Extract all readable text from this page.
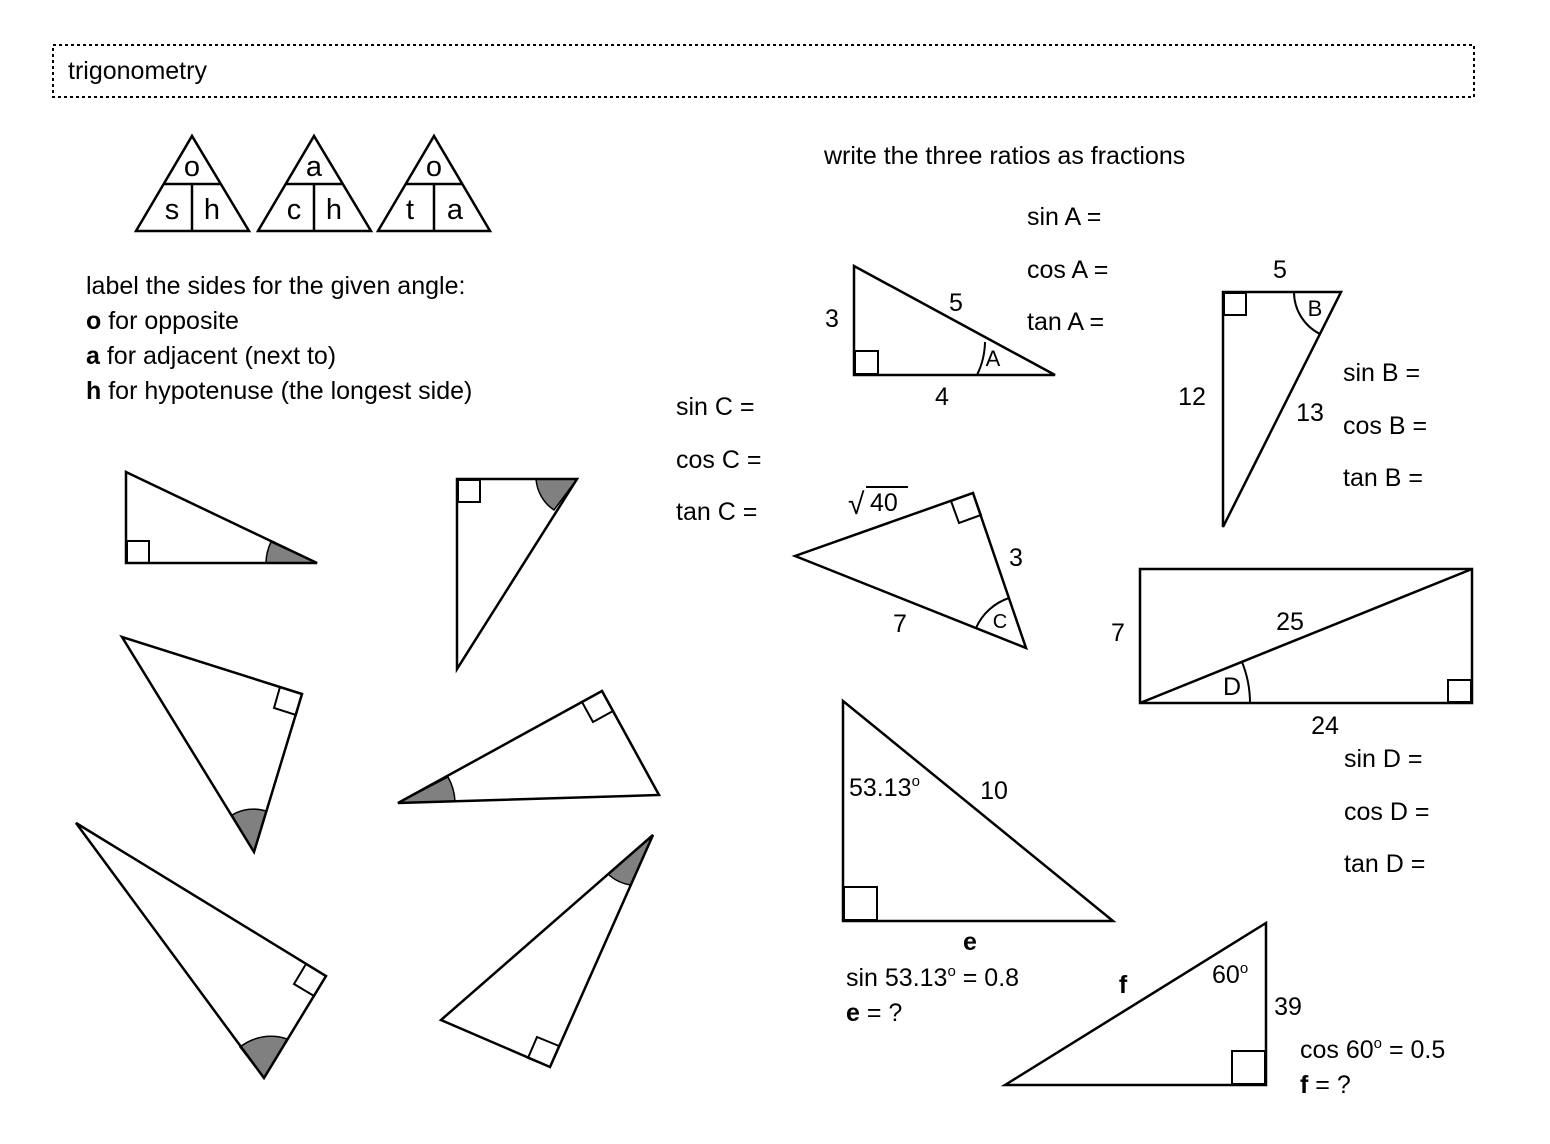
trigonometry
o
s h
a
c h
o
t a
label the sides for the given angle:
o for opposite
a for adjacent (next to)
h for hypotenuse (the longest side)
write the three ratios as fractions
A
3
5
4
sin A =
cos A =
tan A =	B
5
12
13
sin B =
cos B =
tan B =
sin C =
cos C =
tan C =
C
√ 40
3
7
D
7	25
24
sin D =
cos D =
tan D =
$53.13^o$ 10
e
$\sin 53.13^o = 0.8$
e = ?
60$^o$
39
f
$\cos 60^o = 0.5$
f = ?
